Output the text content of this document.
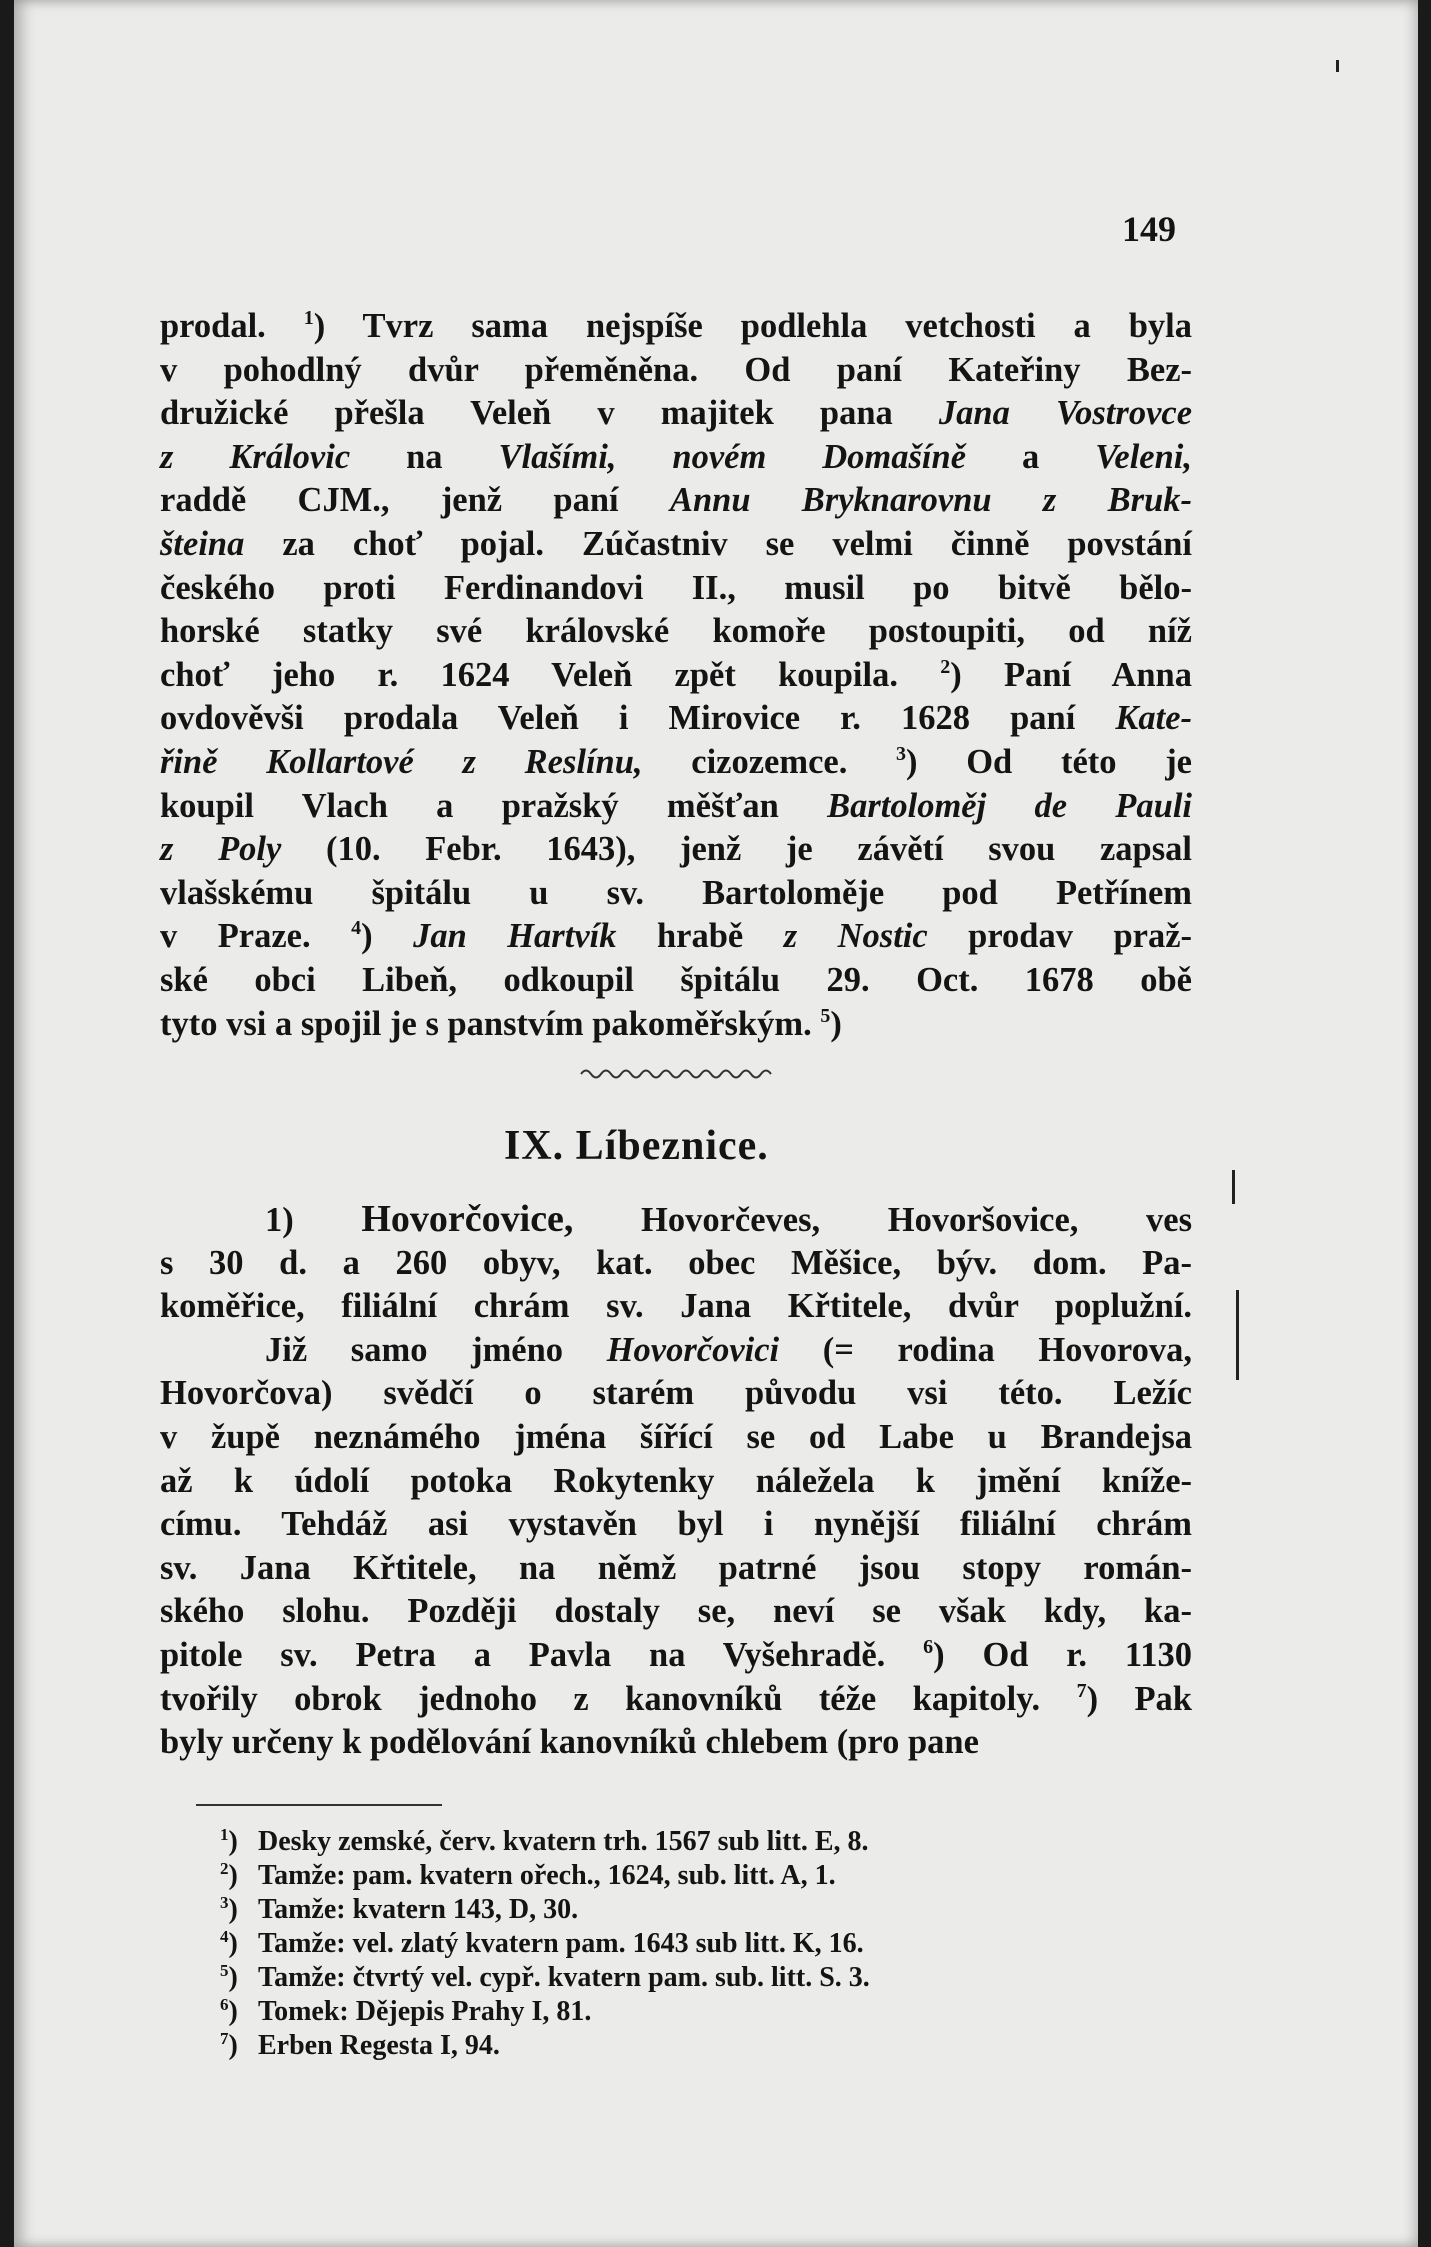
149
prodal. $^1$) Tvrz sama nejspíše podlehla vetchosti a byla
v pohodlný dvůr přeměněna. Od paní Kateřiny Bez-
družické přešla Veleň v majitek pana Jana Vostrovce
z Královic na Vlašími, novém Domašíně a Veleni,
raddě CJM., jenž paní Annu Bryknarovnu z Bruk-
šteina za choť pojal. Zúčastniv se velmi činně povstání
českého proti Ferdinandovi II., musil po bitvě bělo-
horské statky své královské komoře postoupiti, od níž
choť jeho r. 1624 Veleň zpět koupila. $^2$) Paní Anna
ovdověvši prodala Veleň i Mirovice r. 1628 paní Kate-
řině Kollartové z Reslínu, cizozemce. $^3$) Od této je
koupil Vlach a pražský měšťan Bartoloměj de Pauli
z Poly (10. Febr. 1643), jenž je závětí svou zapsal
vlašskému špitálu u sv. Bartoloměje pod Petřínem
v Praze. $^4$) Jan Hartvík hrabě z Nostic prodav praž-
ské obci Libeň, odkoupil špitálu 29. Oct. 1678 obě
tyto vsi a spojil je s panstvím pakoměřským. $^5$)
IX. Líbeznice.
1) Hovorčovice, Hovorčeves, Hovoršovice, ves
s 30 d. a 260 obyv, kat. obec Měšice, býv. dom. Pa-
koměřice, filiální chrám sv. Jana Křtitele, dvůr poplužní.
Již samo jméno Hovorčovici (= rodina Hovorova,
Hovorčova) svědčí o starém původu vsi této. Ležíc
v župě neznámého jména šířící se od Labe u Brandejsa
až k údolí potoka Rokytenky náležela k jmění kníže-
címu. Tehdáž asi vystavěn byl i nynější filiální chrám
sv. Jana Křtitele, na němž patrné jsou stopy román-
ského slohu. Později dostaly se, neví se však kdy, ka-
pitole sv. Petra a Pavla na Vyšehradě. $^6$) Od r. 1130
tvořily obrok jednoho z kanovníků téže kapitoly. $^7$) Pak
byly určeny k podělování kanovníků chlebem (pro pane
$^1$) Desky zemské, červ. kvatern trh. 1567 sub litt. E, 8.
$^2$) Tamže: pam. kvatern ořech., 1624, sub. litt. A, 1.
$^3$) Tamže: kvatern 143, D, 30.
$^4$) Tamže: vel. zlatý kvatern pam. 1643 sub litt. K, 16.
$^5$) Tamže: čtvrtý vel. cypř. kvatern pam. sub. litt. S. 3.
$^6$) Tomek: Dějepis Prahy I, 81.
$^7$) Erben Regesta I, 94.
